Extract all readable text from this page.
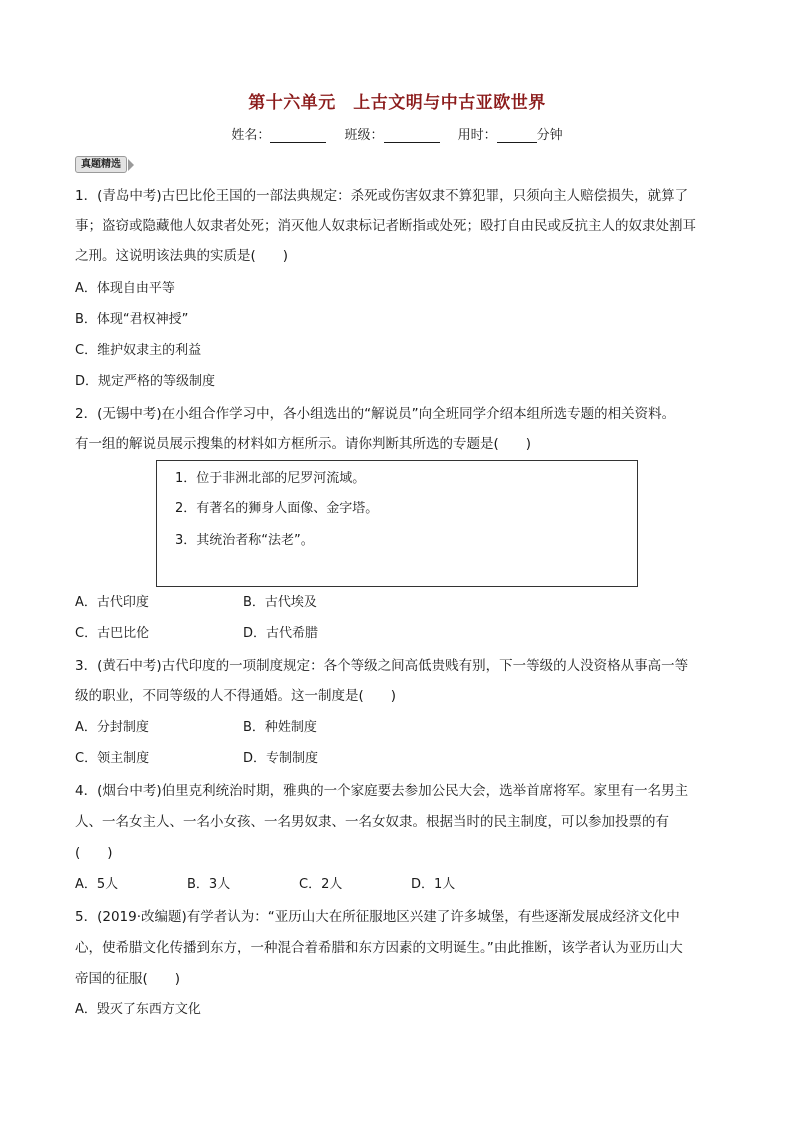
第十六单元　上古文明与中古亚欧世界
姓名：	班级：	用时：	分钟
真题精选
1．(青岛中考)古巴比伦王国的一部法典规定：杀死或伤害奴隶不算犯罪，只须向主人赔偿损失，就算了
事；盗窃或隐藏他人奴隶者处死；消灭他人奴隶标记者断指或处死；殴打自由民或反抗主人的奴隶处割耳
之刑。这说明该法典的实质是(　　)
A．体现自由平等
B．体现“君权神授”
C．维护奴隶主的利益
D．规定严格的等级制度
2．(无锡中考)在小组合作学习中，各小组选出的“解说员”向全班同学介绍本组所选专题的相关资料。
有一组的解说员展示搜集的材料如方框所示。请你判断其所选的专题是(　　)
1．位于非洲北部的尼罗河流域。
2．有著名的狮身人面像、金字塔。
3．其统治者称“法老”。
A．古代印度	B．古代埃及
C．古巴比伦	D．古代希腊
3．(黄石中考)古代印度的一项制度规定：各个等级之间高低贵贱有别，下一等级的人没资格从事高一等
级的职业，不同等级的人不得通婚。这一制度是(　　)
A．分封制度	B．种姓制度
C．领主制度	D．专制制度
4．(烟台中考)伯里克利统治时期，雅典的一个家庭要去参加公民大会，选举首席将军。家里有一名男主
人、一名女主人、一名小女孩、一名男奴隶、一名女奴隶。根据当时的民主制度，可以参加投票的有
(　　)
A．5人	B．3人	C．2人	D．1人
5．(2019·改编题)有学者认为：“亚历山大在所征服地区兴建了许多城堡，有些逐渐发展成经济文化中
心，使希腊文化传播到东方，一种混合着希腊和东方因素的文明诞生。”由此推断，该学者认为亚历山大
帝国的征服(　　)
A．毁灭了东西方文化
